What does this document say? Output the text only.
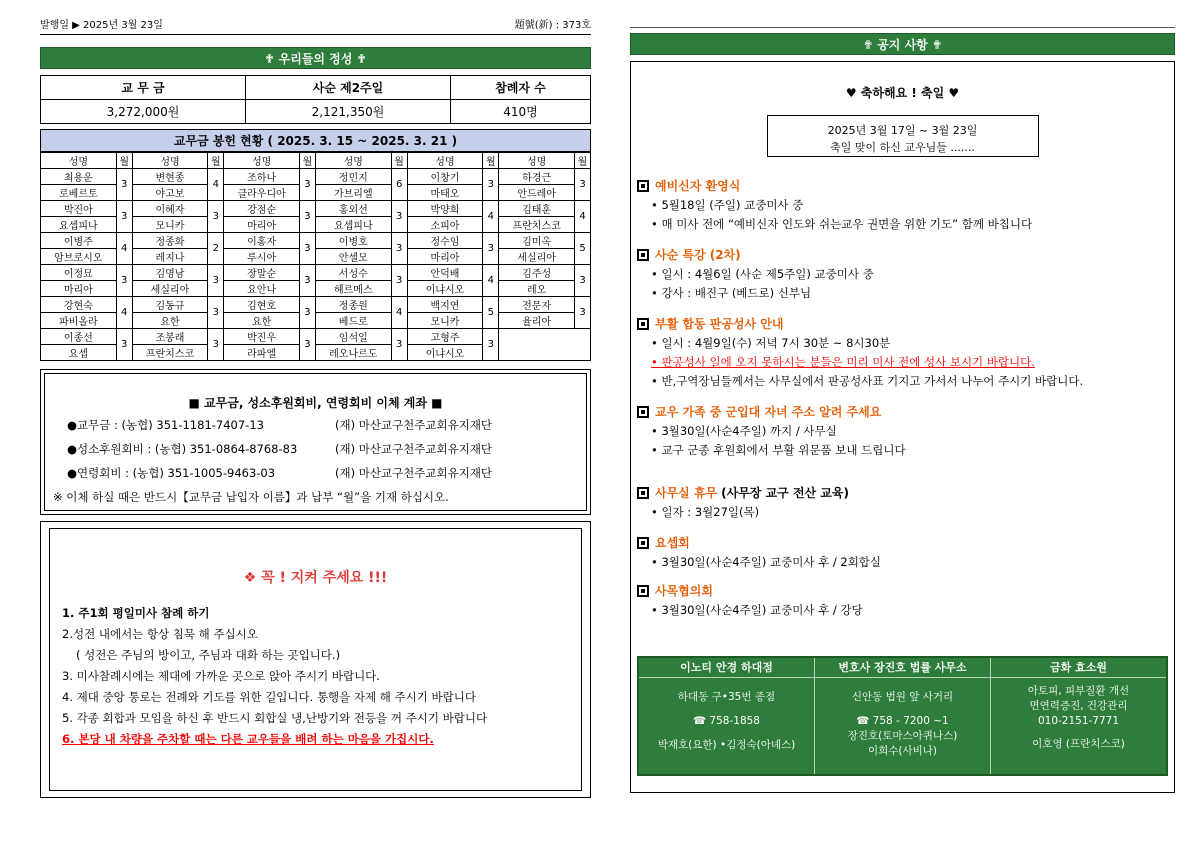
발행일 ▶ 2025년 3월 23일	題號(新) : 373호
✟ 우리들의 정성 ✟
교 무 금	사순 제2주일	참례자 수
3,272,000원	2,121,350원	410명
교무금 봉헌 현황 ( 2025. 3. 15 ~ 2025. 3. 21 )
성명	월	성명	월	성명	월	성명	월	성명	월	성명	월
최용운	3	변현종	4	조하나	3	정민지	6	이창기	3	하경근	3
로베르토		야고보		클라우디아		가브리엘		마태오		안드레아	
박진아	3	이혜자	3	강점순	3	홍외선	3	박양희	4	김태훈	4
요셉피나		모니카		마리아		요셉피나		소피아		프란치스코	
이병주	4	정종화	2	이홍자	3	이병호	3	정수임	3	김미옥	5
암브로시오		레지나		루시아		안셀모		마리아		세실리아	
이정묘	3	김명남	3	장말순	3	서성수	3	안덕배	4	김주성	3
마리아		세실리아		요안나		헤르메스		이냐시오		레오	
강현숙	4	김동규	3	김현호	3	정종원	4	백지연	5	전문자	3
파비올라		요한		요한		베드로		모니카		율리아	
이종선	3	조봉래	3	박진우	3	임석일	3	고형주	3		
요셉		프란치스코		라파엘		레오나르도		이냐시오			
■ 교무금, 성소후원회비, 연령회비 이체 계좌 ■
●교무금 : (농협) 351-1181-7407-13	(재) 마산교구천주교회유지재단
●성소후원회비 : (농협) 351-0864-8768-83	(재) 마산교구천주교회유지재단
●연령회비 : (농협) 351-1005-9463-03	(재) 마산교구천주교회유지재단
※ 이체 하실 때은 반드시【교무금 납입자 이름】과 납부 “월”을 기재 하십시오.
❖ 꼭 ! 지켜 주세요 !!!
1. 주1회 평일미사 참례 하기
2.성전 내에서는 항상 침묵 해 주십시오
( 성전은 주님의 방이고, 주님과 대화 하는 곳입니다.)
3. 미사참례시에는 제대에 가까운 곳으로 앉아 주시기 바랍니다.
4. 제대 중앙 통로는 전례와 기도를 위한 길입니다. 통행을 자제 해 주시기 바랍니다
5. 각종 회합과 모임을 하신 후 반드시 회합실 냉,난방기와 전등을 꺼 주시기 바랍니다
6. 본당 내 차량을 주차할 때는 다른 교우들을 배려 하는 마음을 가집시다.
✟ 공지 사항 ✟
♥ 축하해요 ! 축일 ♥
2025년 3월 17일 ~ 3월 23일
축일 맞이 하신 교우님들 .......
예비신자 환영식
• 5월18일 (주일) 교중미사 중
• 매 미사 전에 “예비신자 인도와 쉬는교우 권면을 위한 기도” 함께 바칩니다
사순 특강 (2차)
• 일시 : 4월6일 (사순 제5주일) 교중미사 중
• 강사 : 배진구 (베드로) 신부님
부활 합동 판공성사 안내
• 일시 : 4월9일(수) 저녁 7시 30분 ~ 8시30분
• 판공성사 일에 오지 못하시는 분들은 미리 미사 전에 성사 보시기 바랍니다.
• 반,구역장님들께서는 사무실에서 판공성사표 기지고 가서서 나누어 주시기 바랍니다.
교우 가족 중 군입대 자녀 주소 알려 주세요
• 3월30일(사순4주일) 까지 / 사무실
• 교구 군종 후원회에서 부활 위문품 보내 드립니다
사무실 휴무 (사무장 교구 전산 교육)
• 일자 : 3월27일(목)
요셉회
• 3월30일(사순4주일) 교중미사 후 / 2회합실
사목협의회
• 3월30일(사순4주일) 교중미사 후 / 강당
이노티 안경 하대점
하대동 구•35번 종점
☎ 758-1858
박재호(요한) •김정숙(아녜스)
변호사 장진호 법률 사무소
신안동 법원 앞 사거리
☎ 758 - 7200 ~1
장진호(토마스아퀴나스)
이희수(사비나)
금화 효소원
아토피, 피부질환 개선
면연력증진, 건강관리
010-2151-7771
이호영 (프란치스코)
